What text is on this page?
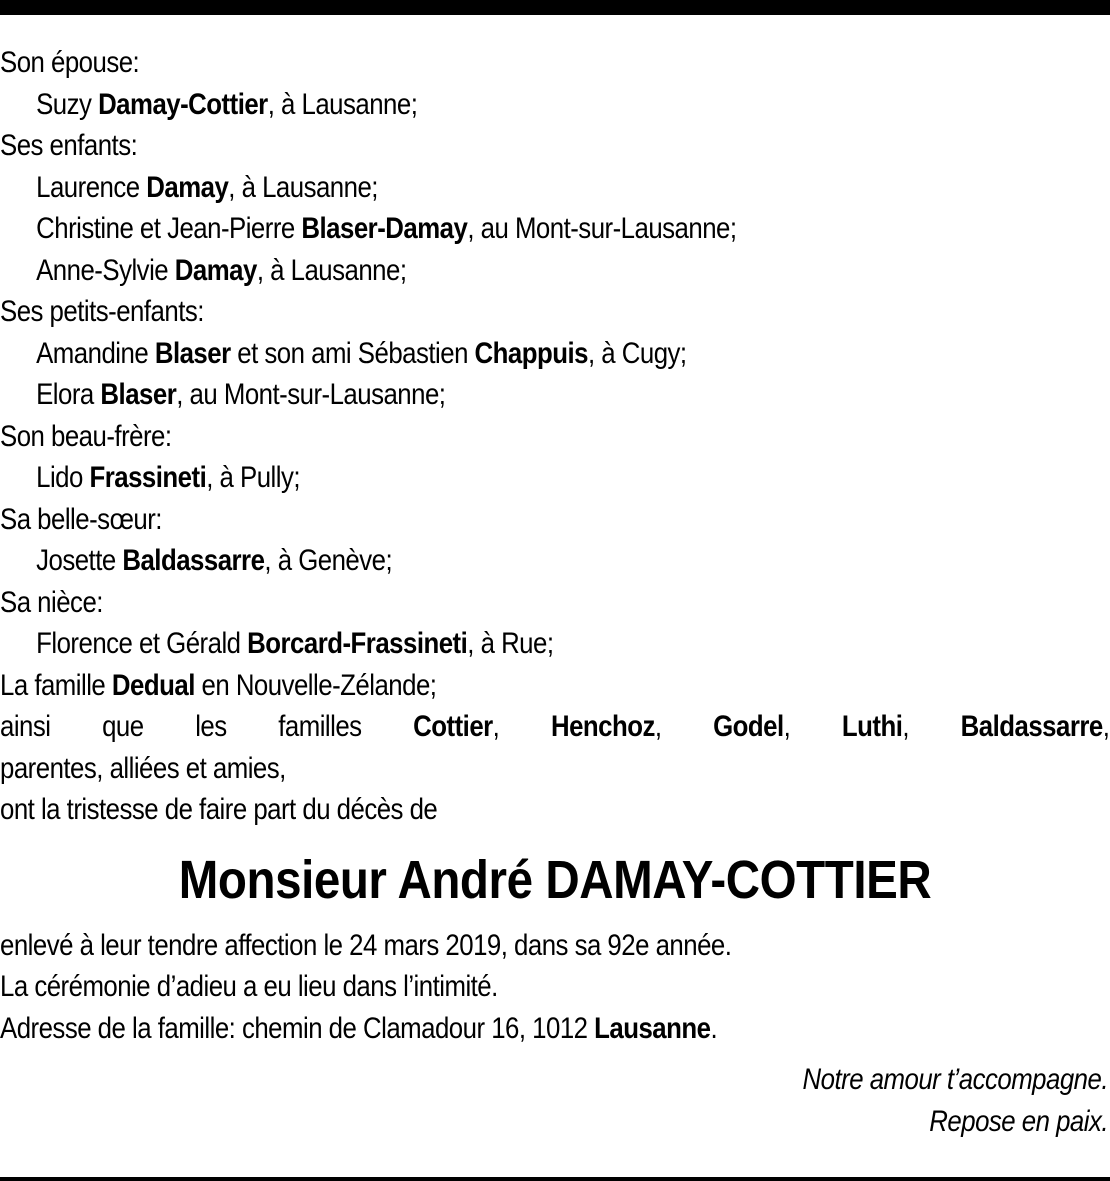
Son épouse:
Suzy Damay-Cottier, à Lausanne;
Ses enfants:
Laurence Damay, à Lausanne;
Christine et Jean-Pierre Blaser-Damay, au Mont-sur-Lausanne;
Anne-Sylvie Damay, à Lausanne;
Ses petits-enfants:
Amandine Blaser et son ami Sébastien Chappuis, à Cugy;
Elora Blaser, au Mont-sur-Lausanne;
Son beau-frère:
Lido Frassineti, à Pully;
Sa belle-sœur:
Josette Baldassarre, à Genève;
Sa nièce:
Florence et Gérald Borcard-Frassineti, à Rue;
La famille Dedual en Nouvelle-Zélande;
ainsi que les familles Cottier, Henchoz, Godel, Luthi, Baldassarre,
parentes, alliées et amies,
ont la tristesse de faire part du décès de
Monsieur André DAMAY-COTTIER
enlevé à leur tendre affection le 24 mars 2019, dans sa 92e année.
La cérémonie d’adieu a eu lieu dans l’intimité.
Adresse de la famille: chemin de Clamadour 16, 1012 Lausanne.
Notre amour t’accompagne.
Repose en paix.
